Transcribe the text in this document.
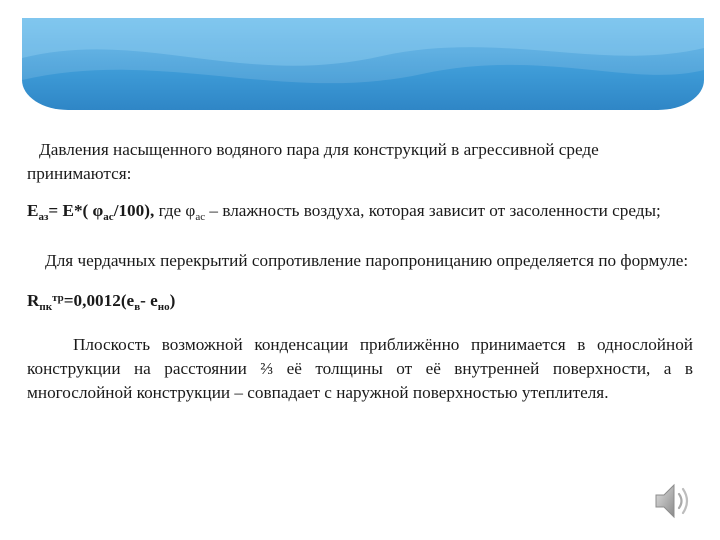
Давления насыщенного водяного пара для конструкций в агрессивной среде принимаются:

$E_{аз}= E*$( $\varphi_{ас}/100$), где $\varphi_{ас}$ – влажность воздуха, которая зависит от засоленности среды;

Для чердачных перекрытий сопротивление паропроницанию определяется по формуле:

$R_{пк}^{тр}=0,0012(e_в-$ $e_{но}$)

Плоскость возможной конденсации приближённо принимается в однослойной конструкции на расстоянии ⅔ её толщины от её внутренней поверхности, а в многослойной конструкции – совпадает с наружной поверхностью утеплителя.
